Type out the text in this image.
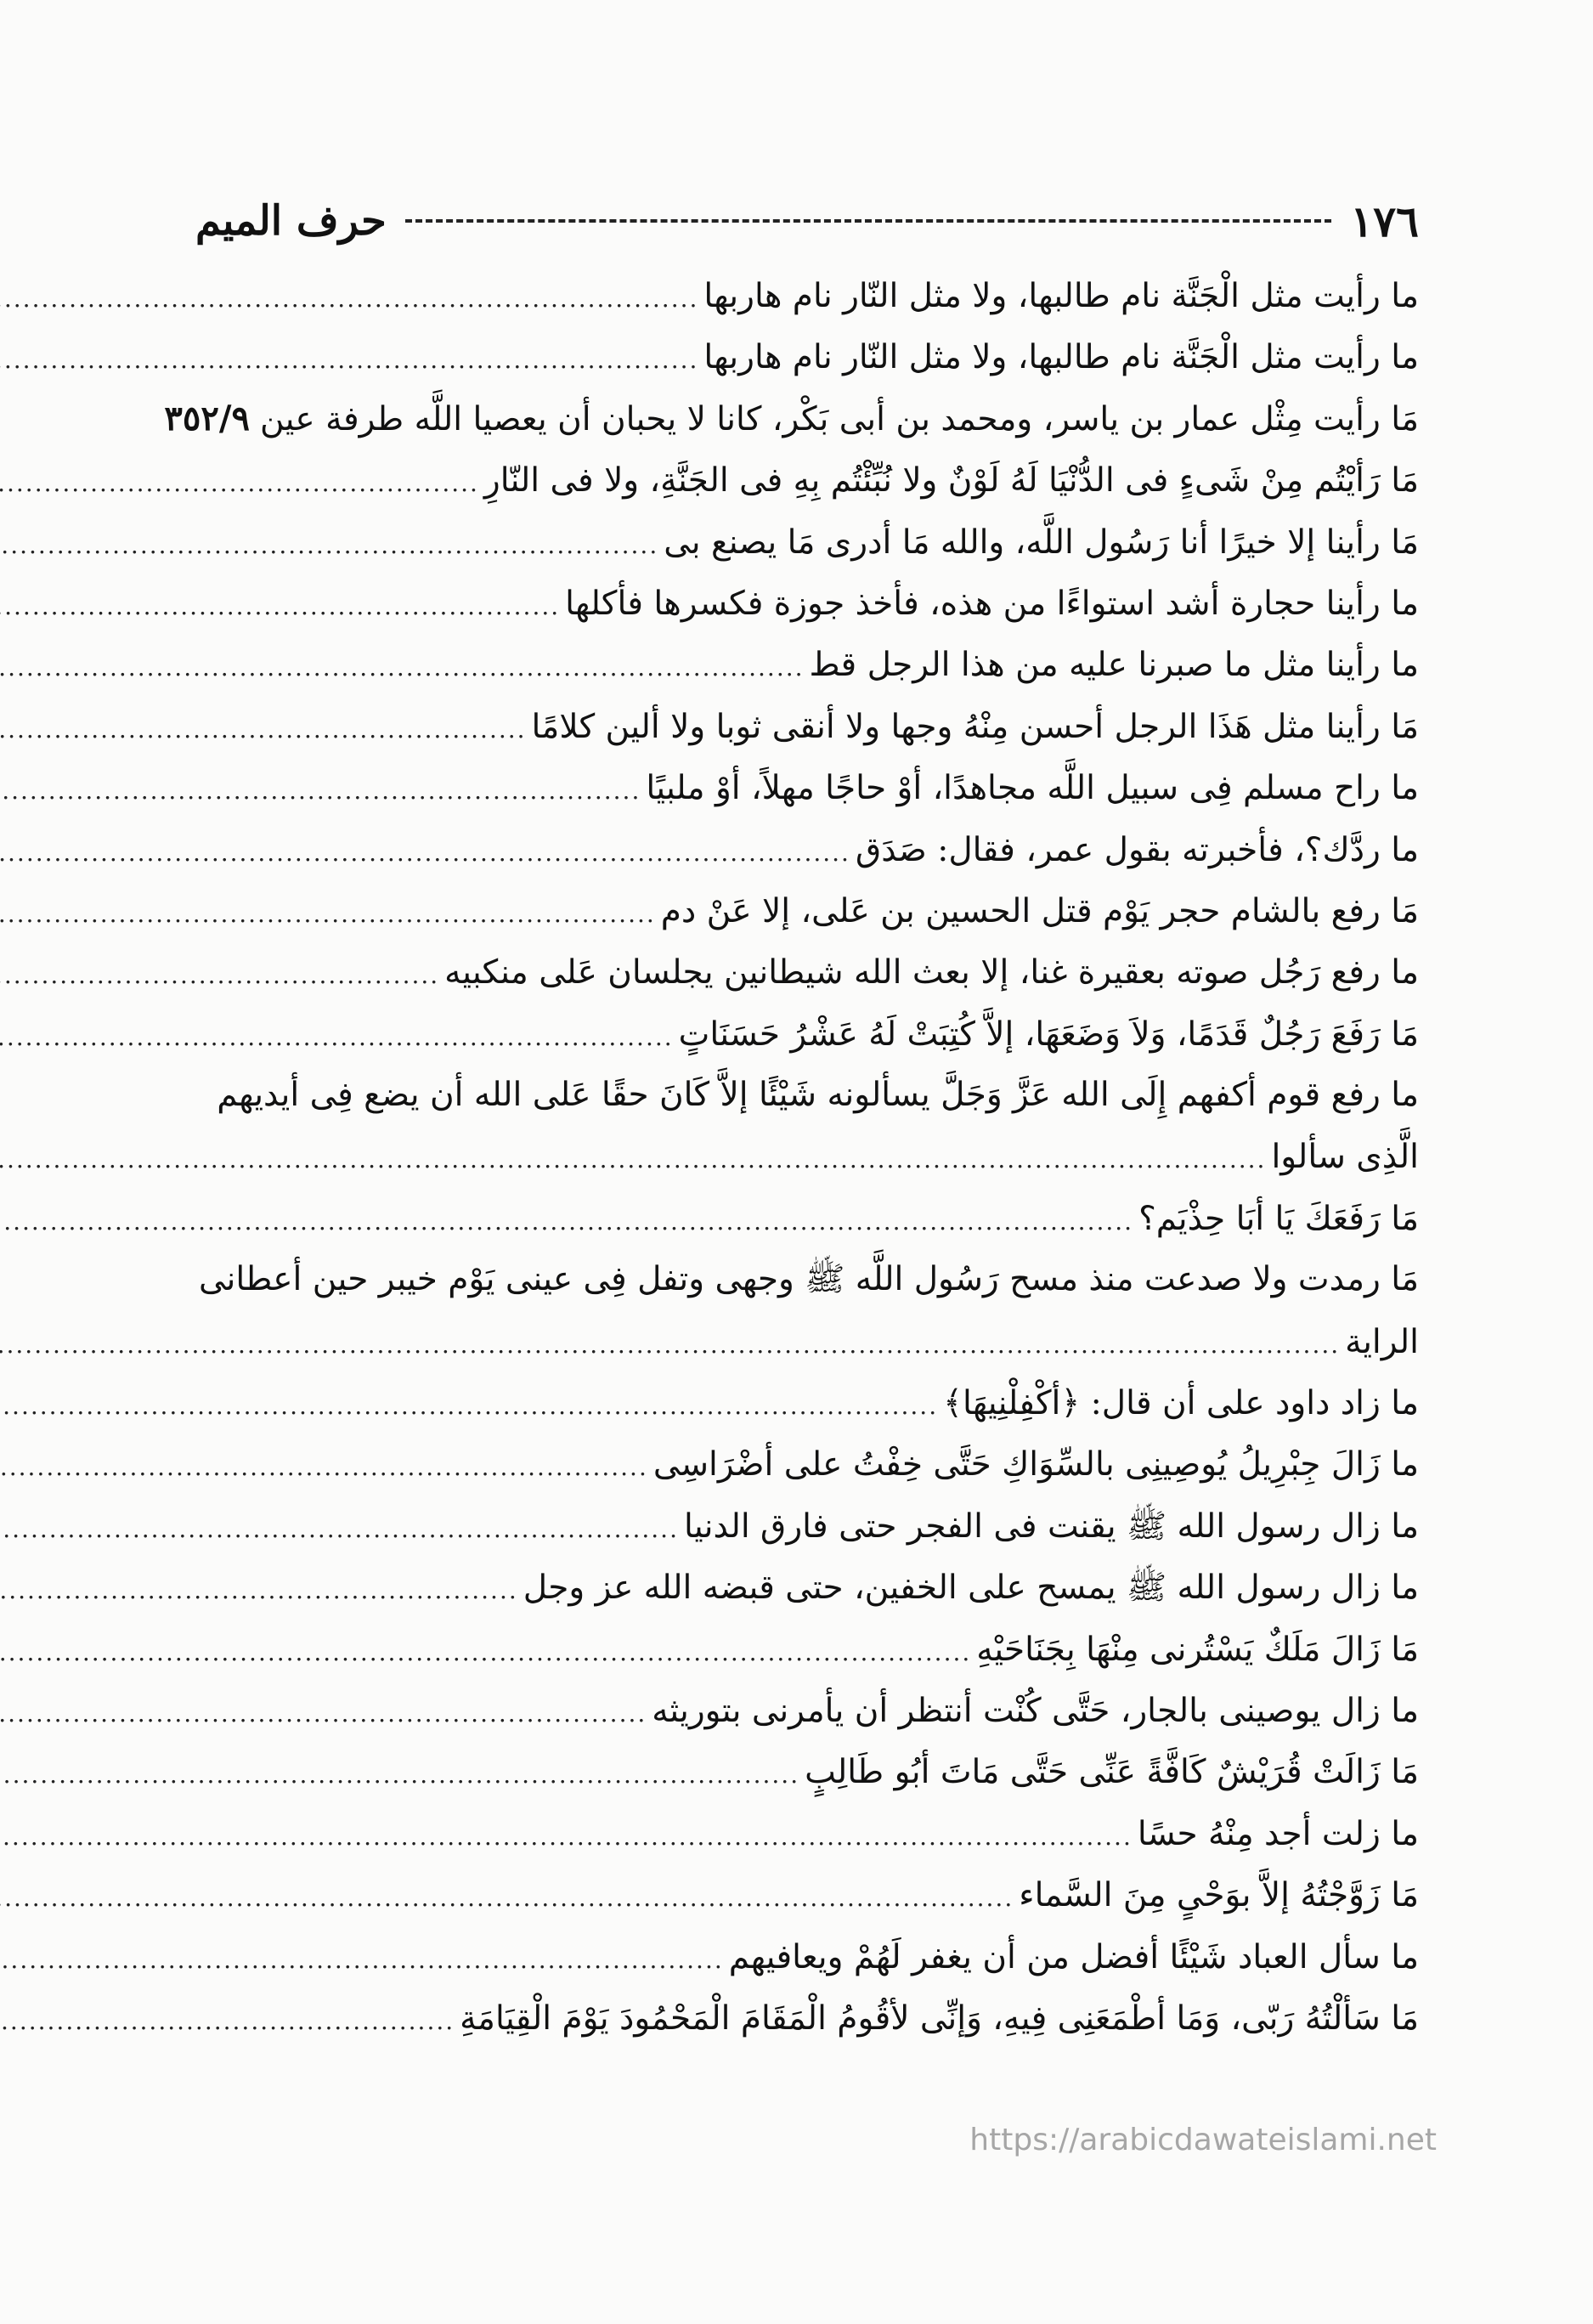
١٧٦
حرف الميم
ما رأيت مثل الْجَنَّة نام طالبها، ولا مثل النّار نام هاربها
.....
ما رأيت مثل الْجَنَّة نام طالبها، ولا مثل النّار نام هاربها
.....
مَا رأيت مِثْل عمار بن ياسر، ومحمد بن أبى بَكْر، كانا لا يحبان أن يعصيا اللَّه طرفة عين
٣٥٢/٩
مَا رَأيْتُم مِنْ شَىءٍ فى الدُّنْيَا لَهُ لَوْنٌ ولا نُبِّئْتُم بِهِ فى الجَنَّةِ، ولا فى النّارِ
.....
مَا رأينا إلا خيرًا أنا رَسُول اللَّه، والله مَا أدرى مَا يصنع بى
.....
ما رأينا حجارة أشد استواءًا من هذه، فأخذ جوزة فكسرها فأكلها
.....
ما رأينا مثل ما صبرنا عليه من هذا الرجل قط
.....
مَا رأينا مثل هَذَا الرجل أحسن مِنْهُ وجها ولا أنقى ثوبا ولا ألين كلامًا
.....
ما راح مسلم فِى سبيل اللَّه مجاهدًا، أوْ حاجًا مهلاً، أوْ ملبيًا
.....
ما ردَّك؟، فأخبرته بقول عمر، فقال: صَدَق
.....
مَا رفع بالشام حجر يَوْم قتل الحسين بن عَلى، إلا عَنْ دم
.....
ما رفع رَجُل صوته بعقيرة غنا، إلا بعث الله شيطانين يجلسان عَلى منكبيه
.....
مَا رَفَعَ رَجُلٌ قَدَمًا، وَلاَ وَضَعَهَا، إلاَّ كُتِبَتْ لَهُ عَشْرُ حَسَنَاتٍ
.....
ما رفع قوم أكفهم إِلَى الله عَزَّ وَجَلَّ يسألونه شَيْئًا إلاَّ كَانَ حقًا عَلى الله أن يضع فِى أيديهم
الَّذِى سألوا
.....
مَا رَفَعَكَ يَا أبَا حِذْيَم؟
.....
مَا رمدت ولا صدعت منذ مسح رَسُول اللَّه ﷺ وجهى وتفل فِى عينى يَوْم خيبر حين أعطانى
الراية
.....
ما زاد داود على أن قال: ﴿أكْفِلْنِيهَا﴾
.....
ما زَالَ جِبْرِيلُ يُوصِينِى بالسِّوَاكِ حَتَّى خِفْتُ على أضْرَاسِى
.....
ما زال رسول الله ﷺ يقنت فى الفجر حتى فارق الدنيا
.....
ما زال رسول الله ﷺ يمسح على الخفين، حتى قبضه الله عز وجل
.....
مَا زَالَ مَلَكٌ يَسْتُرنى مِنْهَا بِجَنَاحَيْهِ
.....
ما زال يوصينى بالجار، حَتَّى كُنْت أنتظر أن يأمرنى بتوريثه
.....
مَا زَالَتْ قُرَيْشٌ كَافَّةً عَنِّى حَتَّى مَاتَ أبُو طَالِبٍ
.....
ما زلت أجد مِنْهُ حسًا
.....
مَا زَوَّجْتُهُ إلاَّ بوَحْىٍ مِنَ السَّماء
.....
ما سأل العباد شَيْئًا أفضل من أن يغفر لَهُمْ ويعافيهم
.....
مَا سَألْتُهُ رَبّى، وَمَا أطْمَعَنِى فِيهِ، وَإنِّى لأقُومُ الْمَقَامَ الْمَحْمُودَ يَوْمَ الْقِيَامَةِ
.....
https://arabicdawateislami.net
